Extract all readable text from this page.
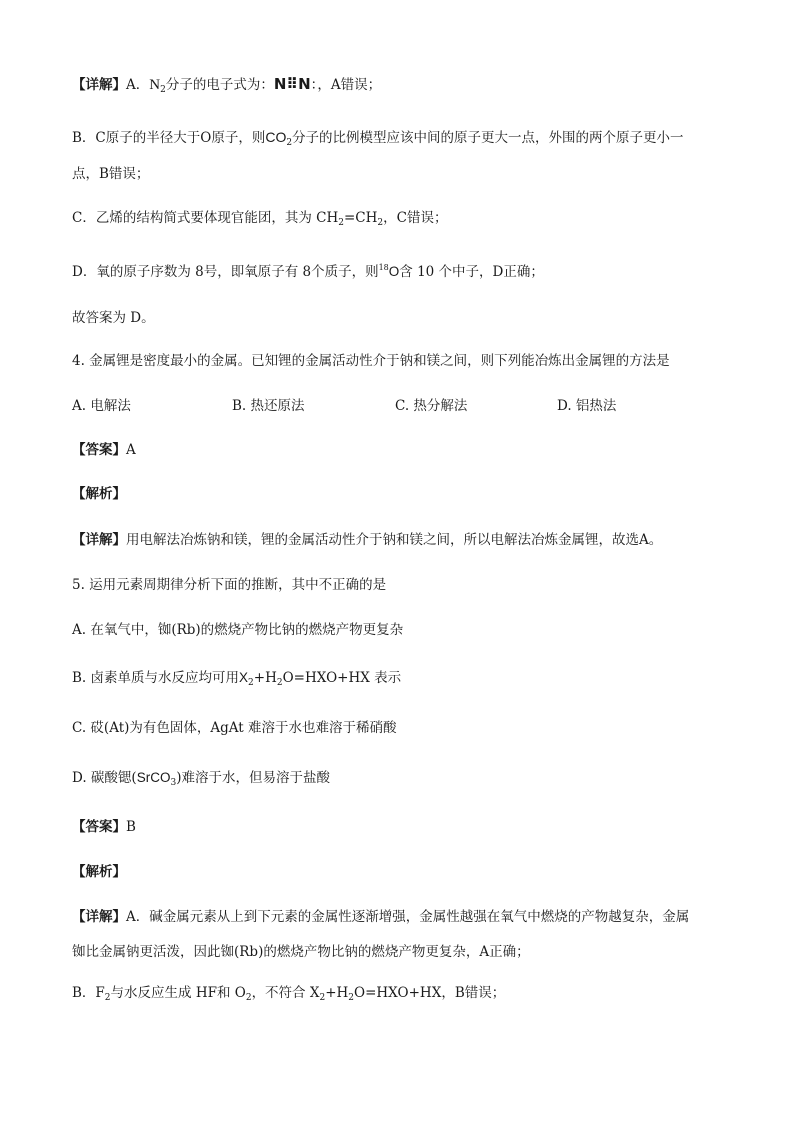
【详解】A．$N_2$分子的电子式为：N⠿N：，A错误；
B．C原子的半径大于O原子，则$CO_2$分子的比例模型应该中间的原子更大一点，外围的两个原子更小一
点，B错误；
C．乙烯的结构简式要体现官能团，其为 $CH_2=CH_2$，C错误；
D．氧的原子序数为 8号，即氧原子有 8个质子，则$^{18}$O含 10 个中子，D正确；
故答案为 D。
4. 金属锂是密度最小的金属。已知锂的金属活动性介于钠和镁之间，则下列能冶炼出金属锂的方法是
A. 电解法	B. 热还原法	C. 热分解法	D. 铝热法
【答案】A
【解析】
【详解】用电解法冶炼钠和镁，锂的金属活动性介于钠和镁之间，所以电解法冶炼金属锂，故选A。
5. 运用元素周期律分析下面的推断，其中不正确的是
A. 在氧气中，铷(Rb)的燃烧产物比钠的燃烧产物更复杂
B. 卤素单质与水反应均可用$X_2+H_2O=HXO+HX$ 表示
C. 砹(At)为有色固体，AgAt 难溶于水也难溶于稀硝酸
D. 碳酸锶(SrCO$_3$)难溶于水，但易溶于盐酸
【答案】B
【解析】
【详解】A．碱金属元素从上到下元素的金属性逐渐增强，金属性越强在氧气中燃烧的产物越复杂，金属
铷比金属钠更活泼，因此铷(Rb)的燃烧产物比钠的燃烧产物更复杂，A正确；
B．$F_2$与水反应生成 HF和 $O_2$，不符合 $X_2+H_2O=HXO+HX$，B错误；
